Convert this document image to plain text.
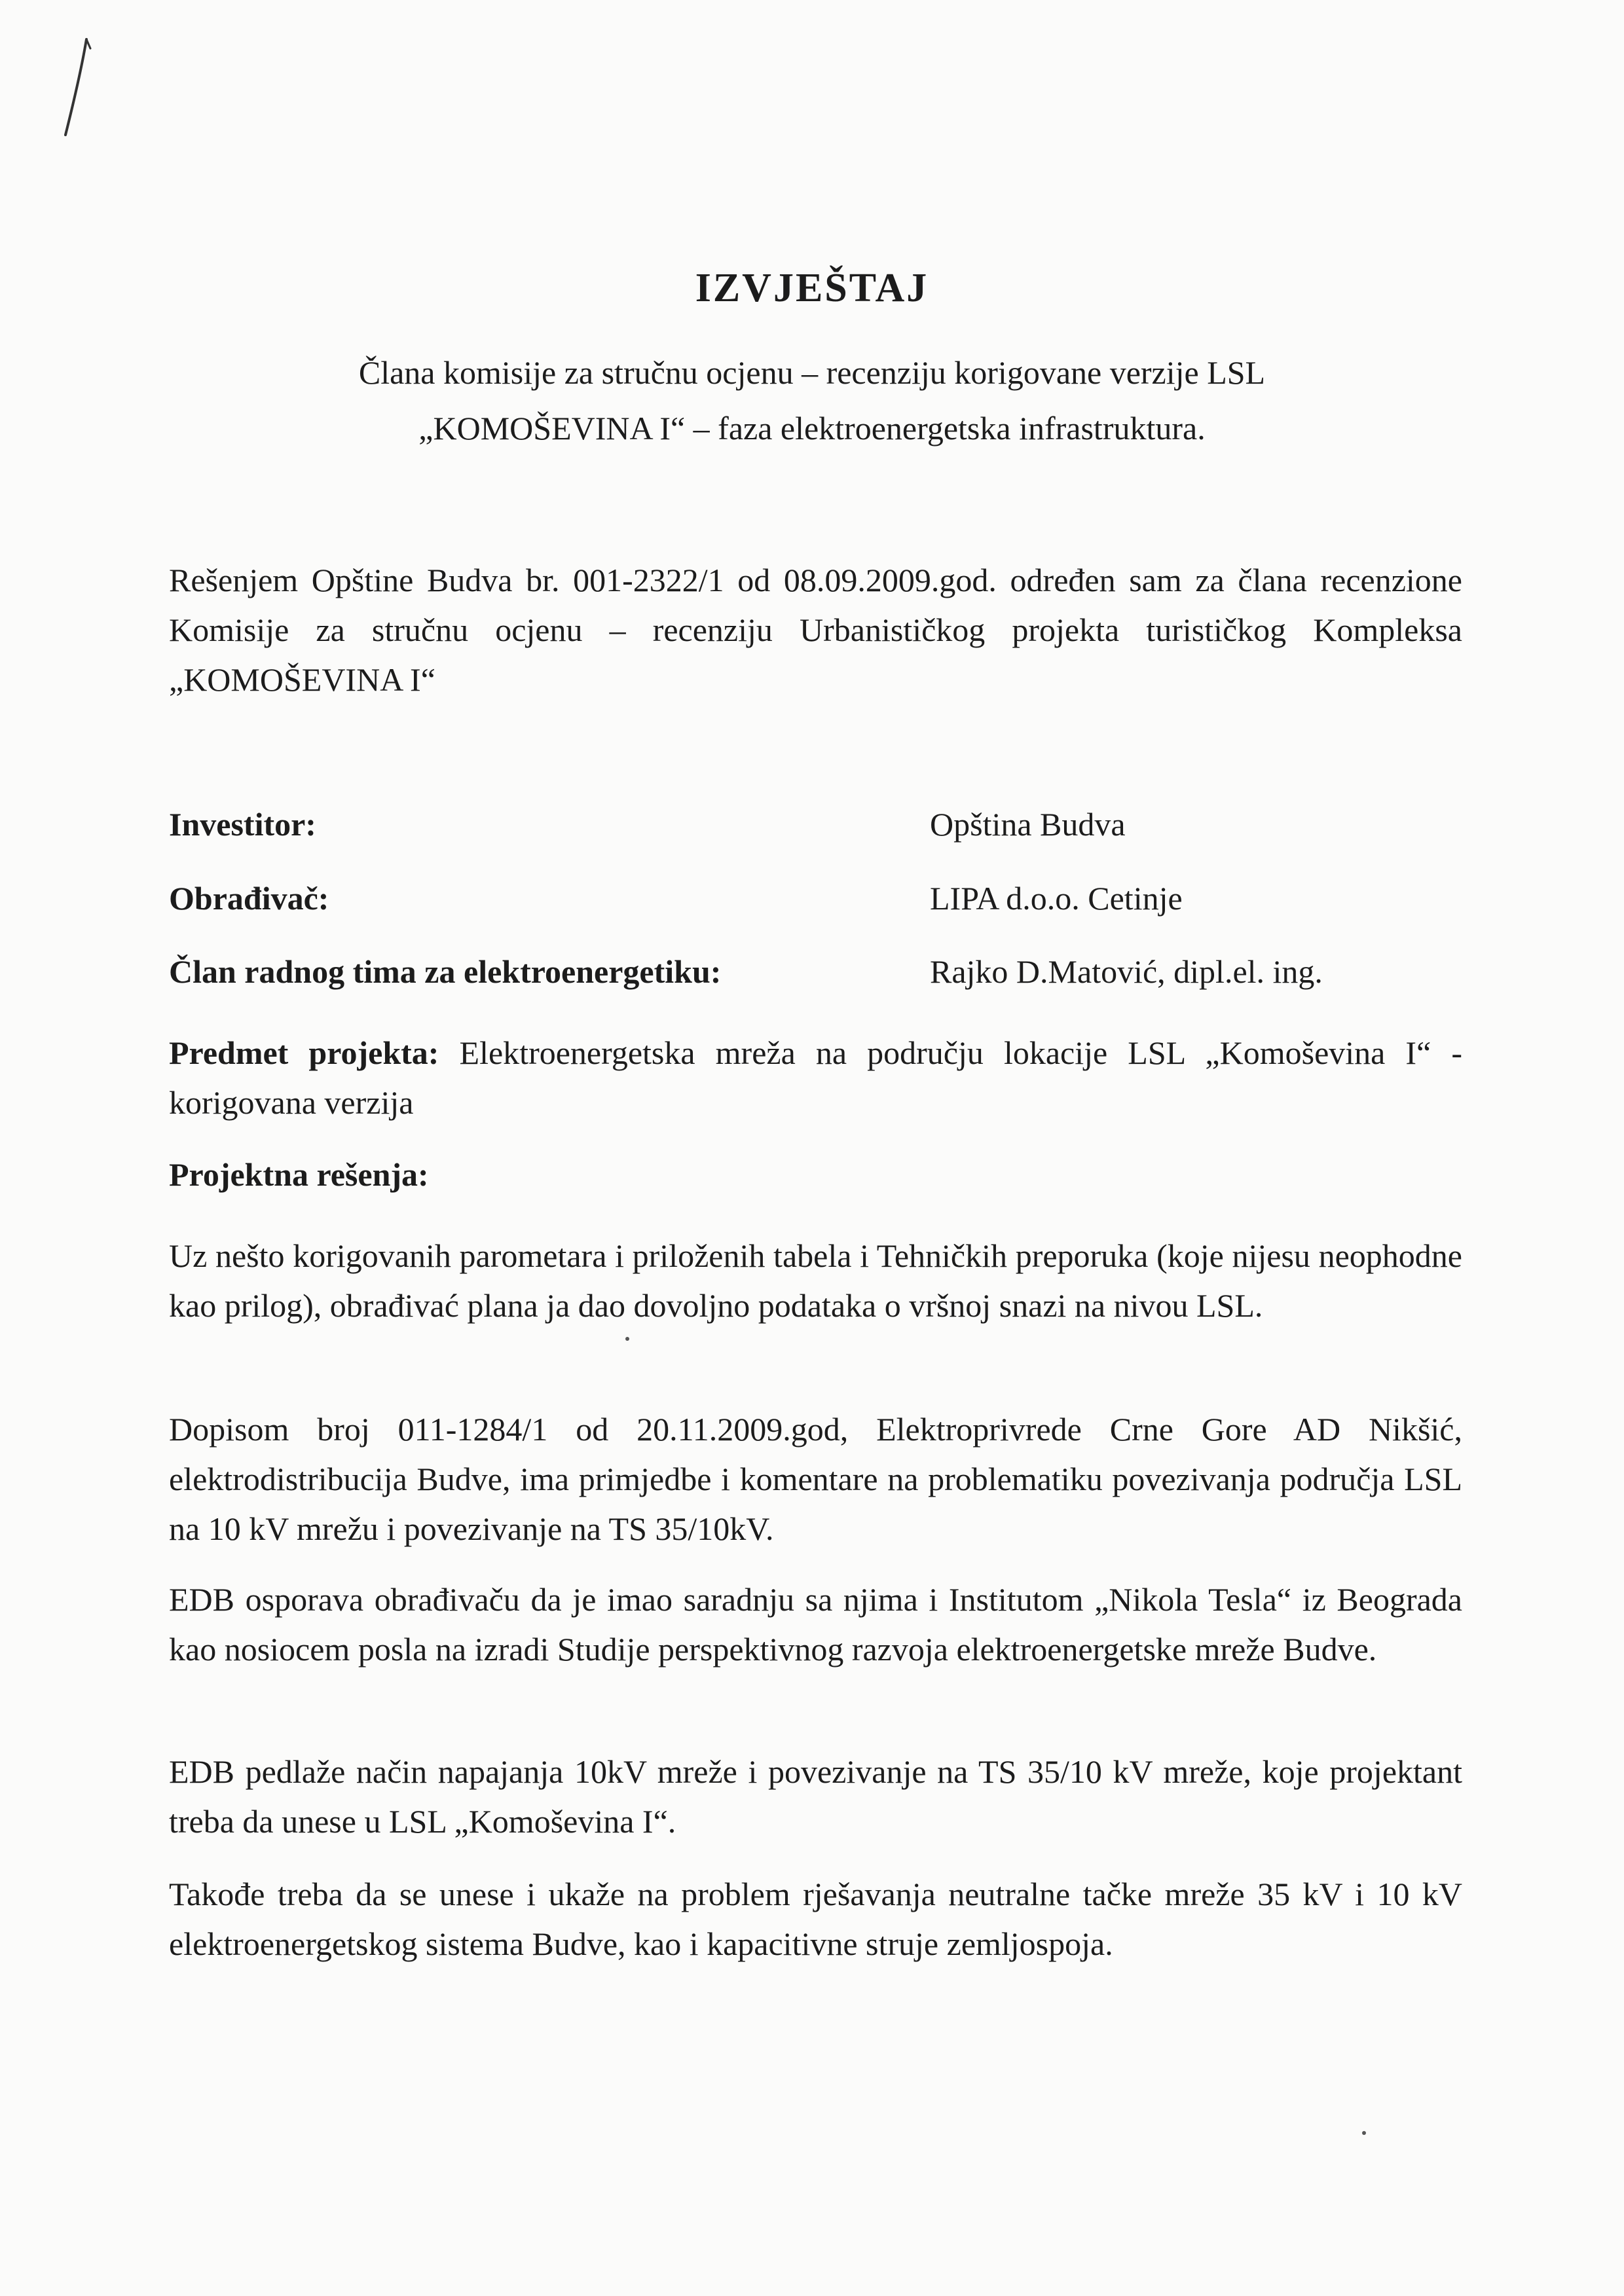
IZVJEŠTAJ
Člana komisije za stručnu ocjenu – recenziju korigovane verzije LSL
„KOMOŠEVINA I“ – faza elektroenergetska infrastruktura.
Rešenjem Opštine Budva br. 001-2322/1 od 08.09.2009.god. određen sam za člana recenzione Komisije za stručnu ocjenu – recenziju Urbanističkog projekta turističkog Kompleksa „KOMOŠEVINA I“
Investitor:	Opština Budva
Obrađivač:	LIPA d.o.o. Cetinje
Član radnog tima za elektroenergetiku:	Rajko D.Matović, dipl.el. ing.
Predmet projekta: Elektroenergetska mreža na području lokacije LSL „Komoševina I“ - korigovana verzija
Projektna rešenja:
Uz nešto korigovanih parometara i priloženih tabela i Tehničkih preporuka (koje nijesu neophodne kao prilog), obrađivać plana ja dao dovoljno podataka o vršnoj snazi na nivou LSL.
Dopisom broj 011-1284/1 od 20.11.2009.god, Elektroprivrede Crne Gore AD Nikšić, elektrodistribucija Budve, ima primjedbe i komentare na problematiku povezivanja područja LSL na 10 kV mrežu i povezivanje na TS 35/10kV.
EDB osporava obrađivaču da je imao saradnju sa njima i Institutom „Nikola Tesla“ iz Beograda kao nosiocem posla na izradi Studije perspektivnog razvoja elektroenergetske mreže Budve.
EDB pedlaže način napajanja 10kV mreže i povezivanje na TS 35/10 kV mreže, koje projektant treba da unese u LSL „Komoševina I“.
Takođe treba da se unese i ukaže na problem rješavanja neutralne tačke mreže 35 kV i 10 kV elektroenergetskog sistema Budve, kao i kapacitivne struje zemljospoja.
